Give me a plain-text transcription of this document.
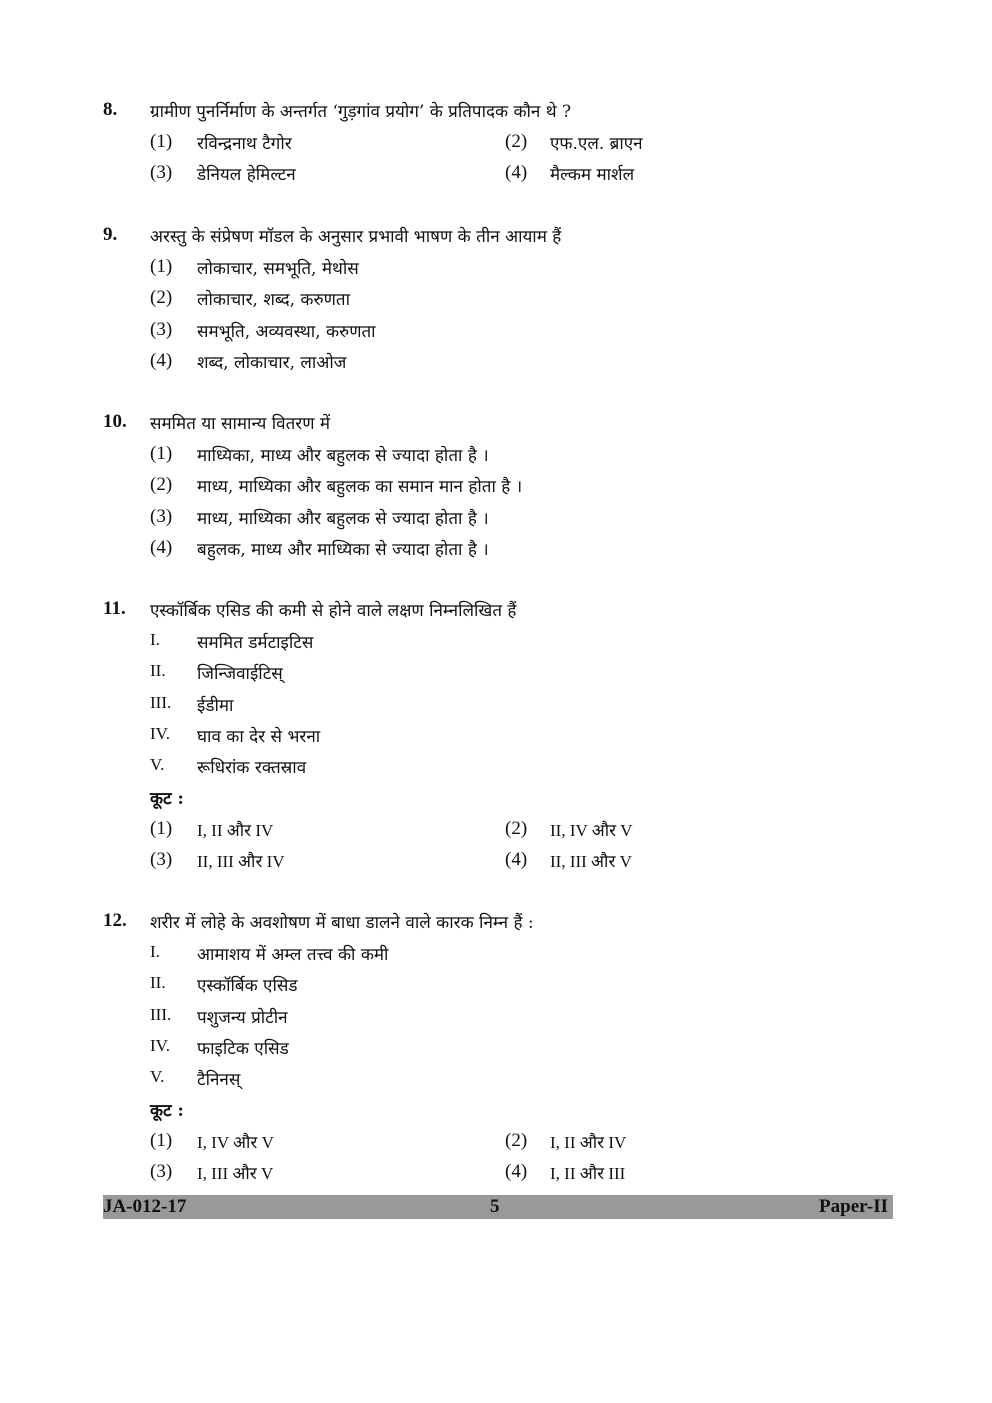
8.	ग्रामीण पुनर्निर्माण के अन्तर्गत ‘गुड़गांव प्रयोग’ के प्रतिपादक कौन थे ?
(1) रविन्द्रनाथ टैगोर	(2) एफ.एल. ब्राएन
(3) डेनियल हेमिल्टन	(4) मैल्कम मार्शल
9.	अरस्तु के संप्रेषण मॉडल के अनुसार प्रभावी भाषण के तीन आयाम हैं
(1) लोकाचार, समभूति, मेथोस
(2) लोकाचार, शब्द, करुणता
(3) समभूति, अव्यवस्था, करुणता
(4) शब्द, लोकाचार, लाओज
10.	सममित या सामान्य वितरण में
(1) माध्यिका, माध्य और बहुलक से ज्यादा होता है ।
(2) माध्य, माध्यिका और बहुलक का समान मान होता है ।
(3) माध्य, माध्यिका और बहुलक से ज्यादा होता है ।
(4) बहुलक, माध्य और माध्यिका से ज्यादा होता है ।
11.	एस्कॉर्बिक एसिड की कमी से होने वाले लक्षण निम्नलिखित हैं
I. सममित डर्मटाइटिस
II. जिन्जिवाईटिस्
III. ईडीमा
IV. घाव का देर से भरना
V. रूधिरांक रक्तस्राव
कूट :
(1) I, II और IV	(2) II, IV और V
(3) II, III और IV	(4) II, III और V
12.	शरीर में लोहे के अवशोषण में बाधा डालने वाले कारक निम्न हैं :
I. आमाशय में अम्ल तत्त्व की कमी
II. एस्कॉर्बिक एसिड
III. पशुजन्य प्रोटीन
IV. फाइटिक एसिड
V. टैनिनस्
कूट :
(1) I, IV और V	(2) I, II और IV
(3) I, III और V	(4) I, II और III
JA-012-17	5	Paper-II
